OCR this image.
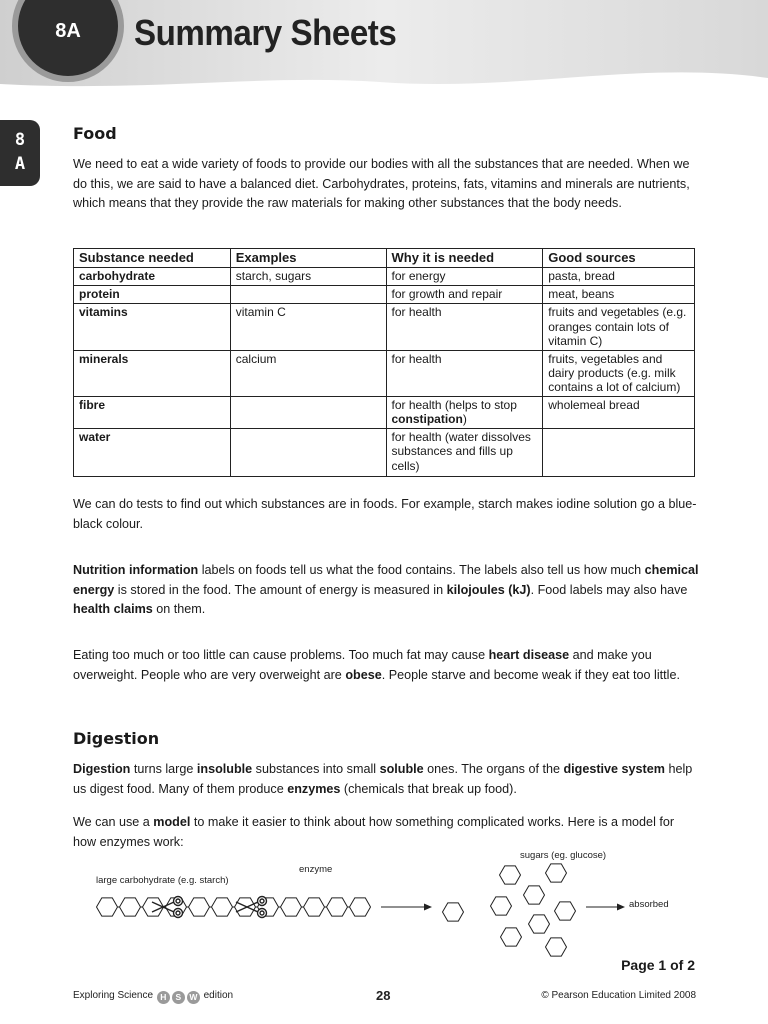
8A	Summary Sheets
8
A
Food
We need to eat a wide variety of foods to provide our bodies with all the substances that are needed. When we do this, we are said to have a balanced diet. Carbohydrates, proteins, fats, vitamins and minerals are nutrients, which means that they provide the raw materials for making other substances that the body needs.
Substance needed	Examples	Why it is needed	Good sources
carbohydrate	starch, sugars	for energy	pasta, bread
protein		for growth and repair	meat, beans
vitamins	vitamin C	for health	fruits and vegetables (e.g. oranges contain lots of vitamin C)
minerals	calcium	for health	fruits, vegetables and dairy products (e.g. milk contains a lot of calcium)
fibre		for health (helps to stop constipation)	wholemeal bread
water		for health (water dissolves substances and fills up cells)	
We can do tests to find out which substances are in foods. For example, starch makes iodine solution go a blue-black colour.
Nutrition information labels on foods tell us what the food contains. The labels also tell us how much chemical energy is stored in the food. The amount of energy is measured in kilojoules (kJ). Food labels may also have health claims on them.
Eating too much or too little can cause problems. Too much fat may cause heart disease and make you overweight. People who are very overweight are obese. People starve and become weak if they eat too little.
Digestion
Digestion turns large insoluble substances into small soluble ones. The organs of the digestive system help us digest food. Many of them produce enzymes (chemicals that break up food).
We can use a model to make it easier to think about how something complicated works. Here is a model for how enzymes work:
large carbohydrate (e.g. starch)
enzyme
sugars (eg. glucose)
absorbed
Page 1 of 2
Exploring Science H S W edition	28	© Pearson Education Limited 2008
